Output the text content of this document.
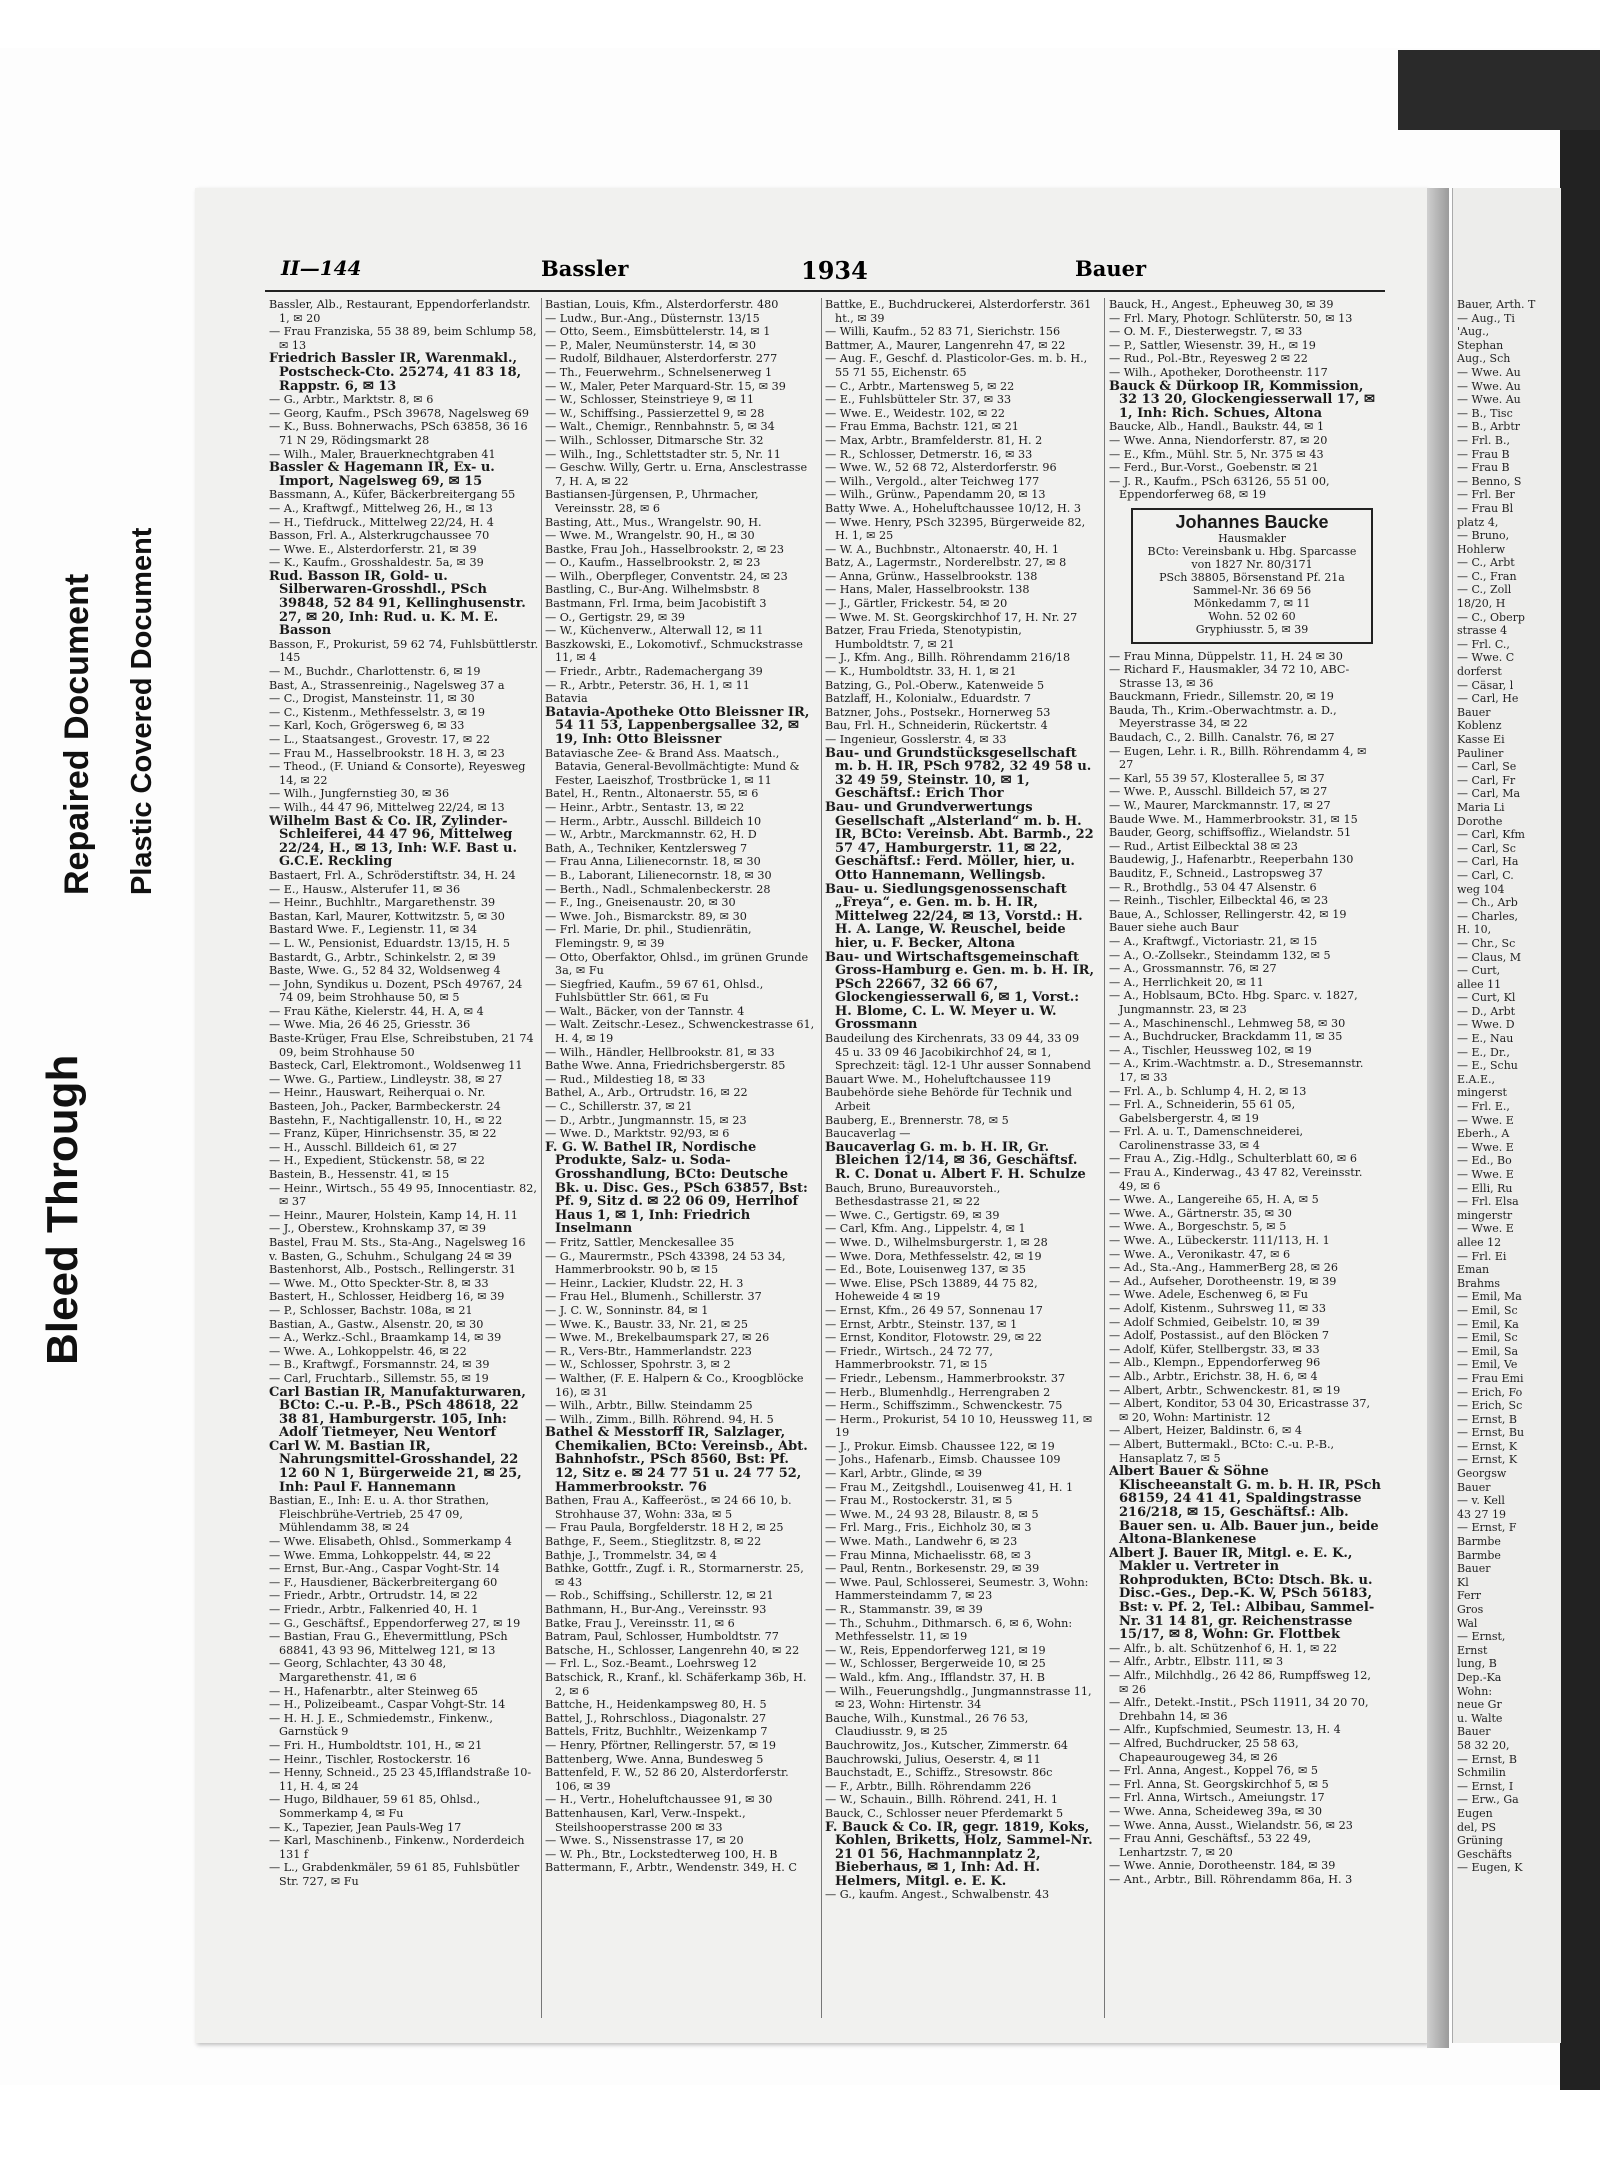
Bleed Through
Repaired Document Plastic Covered Document
II—144	Bassler	1934	Bauer

Bassler, Alb., Restaurant, Eppendorferlandstr. 1, ✉ 20

— Frau Franziska, 55 38 89, beim Schlump 58, ✉ 13

Friedrich Bassler IR, Warenmakl., Postscheck-Cto. 25274, 41 83 18, Rappstr. 6, ✉ 13

— G., Arbtr., Marktstr. 8, ✉ 6

— Georg, Kaufm., PSch 39678, Nagelsweg 69

— K., Buss. Bohnerwachs, PSch 63858, 36 16 71 N 29, Rödingsmarkt 28

— Wilh., Maler, Brauerknechtgraben 41

Bassler & Hagemann IR, Ex- u. Import, Nagelsweg 69, ✉ 15

Bassmann, A., Küfer, Bäckerbreitergang 55

— A., Kraftwgf., Mittelweg 26, H., ✉ 13

— H., Tiefdruck., Mittelweg 22/24, H. 4

Basson, Frl. A., Alsterkrugchaussee 70

— Wwe. E., Alsterdorferstr. 21, ✉ 39

— K., Kaufm., Grosshaldestr. 5a, ✉ 39

Rud. Basson IR, Gold- u. Silberwaren-Grosshdl., PSch 39848, 52 84 91, Kellinghusenstr. 27, ✉ 20, Inh: Rud. u. K. M. E. Basson

Basson, F., Prokurist, 59 62 74, Fuhlsbüttlerstr. 145

— M., Buchdr., Charlottenstr. 6, ✉ 19

Bast, A., Strassenreinig., Nagelsweg 37 a

— C., Drogist, Mansteinstr. 11, ✉ 30

— C., Kistenm., Methfesselstr. 3, ✉ 19

— Karl, Koch, Grögersweg 6, ✉ 33

— L., Staatsangest., Grovestr. 17, ✉ 22

— Frau M., Hasselbrookstr. 18 H. 3, ✉ 23

— Theod., (F. Uniand & Consorte), Reyesweg 14, ✉ 22

— Wilh., Jungfernstieg 30, ✉ 36

— Wilh., 44 47 96, Mittelweg 22/24, ✉ 13

Wilhelm Bast & Co. IR, Zylinder-Schleiferei, 44 47 96, Mittelweg 22/24, H., ✉ 13, Inh: W.F. Bast u. G.C.E. Reckling

Bastaert, Frl. A., Schröderstiftstr. 34, H. 24

— E., Hausw., Alsterufer 11, ✉ 36

— Heinr., Buchhltr., Margarethenstr. 39

Bastan, Karl, Maurer, Kottwitzstr. 5, ✉ 30

Bastard Wwe. F., Legienstr. 11, ✉ 34

— L. W., Pensionist, Eduardstr. 13/15, H. 5

Bastardt, G., Arbtr., Schinkelstr. 2, ✉ 39

Baste, Wwe. G., 52 84 32, Woldsenweg 4

— John, Syndikus u. Dozent, PSch 49767, 24 74 09, beim Strohhause 50, ✉ 5

— Frau Käthe, Kielerstr. 44, H. A, ✉ 4

— Wwe. Mia, 26 46 25, Griesstr. 36

Baste-Krüger, Frau Else, Schreibstuben, 21 74 09, beim Strohhause 50

Basteck, Carl, Elektromont., Woldsenweg 11

— Wwe. G., Partiew., Lindleystr. 38, ✉ 27

— Heinr., Hauswart, Reiherquai o. Nr.

Basteen, Joh., Packer, Barmbeckerstr. 24

Bastehn, F., Nachtigallenstr. 10, H., ✉ 22

— Franz, Küper, Hinrichsenstr. 35, ✉ 22

— H., Ausschl. Billdeich 61, ✉ 27

— H., Expedient, Stückenstr. 58, ✉ 22

Bastein, B., Hessenstr. 41, ✉ 15

— Heinr., Wirtsch., 55 49 95, Innocentiastr. 82, ✉ 37

— Heinr., Maurer, Holstein, Kamp 14, H. 11

— J., Oberstew., Krohnskamp 37, ✉ 39

Bastel, Frau M. Sts., Sta-Ang., Nagelsweg 16

v. Basten, G., Schuhm., Schulgang 24 ✉ 39

Bastenhorst, Alb., Postsch., Rellingerstr. 31

— Wwe. M., Otto Speckter-Str. 8, ✉ 33

Bastert, H., Schlosser, Heidberg 16, ✉ 39

— P., Schlosser, Bachstr. 108a, ✉ 21

Bastian, A., Gastw., Alsenstr. 20, ✉ 30

— A., Werkz.-Schl., Braamkamp 14, ✉ 39

— Wwe. A., Lohkoppelstr. 46, ✉ 22

— B., Kraftwgf., Forsmannstr. 24, ✉ 39

— Carl, Fruchtarb., Sillemstr. 55, ✉ 19

Carl Bastian IR, Manufakturwaren, BCto: C.-u. P.-B., PSch 48618, 22 38 81, Hamburgerstr. 105, Inh: Adolf Tietmeyer, Neu Wentorf

Carl W. M. Bastian IR, Nahrungsmittel-Grosshandel, 22 12 60 N 1, Bürgerweide 21, ✉ 25, Inh: Paul F. Hannemann

Bastian, E., Inh: E. u. A. thor Strathen, Fleischbrühe-Vertrieb, 25 47 09, Mühlendamm 38, ✉ 24

— Wwe. Elisabeth, Ohlsd., Sommerkamp 4

— Wwe. Emma, Lohkoppelstr. 44, ✉ 22

— Ernst, Bur.-Ang., Caspar Voght-Str. 14

— F., Hausdiener, Bäckerbreitergang 60

— Friedr., Arbtr., Ortrudstr. 14, ✉ 22

— Friedr., Arbtr., Falkenried 40, H. 1

— G., Geschäftsf., Eppendorferweg 27, ✉ 19

— Bastian, Frau G., Ehevermittlung, PSch 68841, 43 93 96, Mittelweg 121, ✉ 13

— Georg, Schlachter, 43 30 48, Margarethenstr. 41, ✉ 6

— H., Hafenarbtr., alter Steinweg 65

— H., Polizeibeamt., Caspar Vohgt-Str. 14

— H. H. J. E., Schmiedemstr., Finkenw., Garnstück 9

— Fri. H., Humboldtstr. 101, H., ✉ 21

— Heinr., Tischler, Rostockerstr. 16

— Henny, Schneid., 25 23 45,Ifflandstraße 10-11, H. 4, ✉ 24

— Hugo, Bildhauer, 59 61 85, Ohlsd., Sommerkamp 4, ✉ Fu

— K., Tapezier, Jean Pauls-Weg 17

— Karl, Maschinenb., Finkenw., Norderdeich 131 f

— L., Grabdenkmäler, 59 61 85, Fuhlsbütler Str. 727, ✉ Fu

Bastian, Louis, Kfm., Alsterdorferstr. 480

— Ludw., Bur.-Ang., Düsternstr. 13/15

— Otto, Seem., Eimsbüttelerstr. 14, ✉ 1

— P., Maler, Neumünsterstr. 14, ✉ 30

— Rudolf, Bildhauer, Alsterdorferstr. 277

— Th., Feuerwehrm., Schnelsenerweg 1

— W., Maler, Peter Marquard-Str. 15, ✉ 39

— W., Schlosser, Steinstrieye 9, ✉ 11

— W., Schiffsing., Passierzettel 9, ✉ 28

— Walt., Chemigr., Rennbahnstr. 5, ✉ 34

— Wilh., Schlosser, Ditmarsche Str. 32

— Wilh., Ing., Schlettstadter str. 5, Nr. 11

— Geschw. Willy, Gertr. u. Erna, Ansclestrasse 7, H. A, ✉ 22

Bastiansen-Jürgensen, P., Uhrmacher, Vereinsstr. 28, ✉ 6

Basting, Att., Mus., Wrangelstr. 90, H.

— Wwe. M., Wrangelstr. 90, H., ✉ 30

Bastke, Frau Joh., Hasselbrookstr. 2, ✉ 23

— O., Kaufm., Hasselbrookstr. 2, ✉ 23

— Wilh., Oberpfleger, Conventstr. 24, ✉ 23

Bastling, C., Bur-Ang. Wilhelmsbstr. 8

Bastmann, Frl. Irma, beim Jacobistift 3

— O., Gertigstr. 29, ✉ 39

— W., Küchenverw., Alterwall 12, ✉ 11

Baszkowski, E., Lokomotivf., Schmuckstrasse 11, ✉ 4

— Friedr., Arbtr., Rademachergang 39

— R., Arbtr., Peterstr. 36, H. 1, ✉ 11

Batavia

Batavia-Apotheke Otto Bleissner IR, 54 11 53, Lappenbergsallee 32, ✉ 19, Inh: Otto Bleissner

Bataviasche Zee- & Brand Ass. Maatsch., Batavia, General-Bevollmächtigte: Mund & Fester, Laeiszhof, Trostbrücke 1, ✉ 11

Batel, H., Rentn., Altonaerstr. 55, ✉ 6

— Heinr., Arbtr., Sentastr. 13, ✉ 22

— Herm., Arbtr., Ausschl. Billdeich 10

— W., Arbtr., Marckmannstr. 62, H. D

Bath, A., Techniker, Kentzlersweg 7

— Frau Anna, Lilienecornstr. 18, ✉ 30

— B., Laborant, Lilienecornstr. 18, ✉ 30

— Berth., Nadl., Schmalenbeckerstr. 28

— F., Ing., Gneisenaustr. 20, ✉ 30

— Wwe. Joh., Bismarckstr. 89, ✉ 30

— Frl. Marie, Dr. phil., Studienrätin, Flemingstr. 9, ✉ 39

— Otto, Oberfaktor, Ohlsd., im grünen Grunde 3a, ✉ Fu

— Siegfried, Kaufm., 59 67 61, Ohlsd., Fuhlsbüttler Str. 661, ✉ Fu

— Walt., Bäcker, von der Tannstr. 4

— Walt. Zeitschr.-Lesez., Schwenckestrasse 61, H. 4, ✉ 19

— Wilh., Händler, Hellbrookstr. 81, ✉ 33

Bathe Wwe. Anna, Friedrichsbergerstr. 85

— Rud., Mildestieg 18, ✉ 33

Bathel, A., Arb., Ortrudstr. 16, ✉ 22

— C., Schillerstr. 37, ✉ 21

— D., Arbtr., Jungmannstr. 15, ✉ 23

— Wwe. D., Marktstr. 92/93, ✉ 6

F. G. W. Bathel IR, Nordische Produkte, Salz- u. Soda-Grosshandlung, BCto: Deutsche Bk. u. Disc. Ges., PSch 63857, Bst: Pf. 9, Sitz d. ✉ 22 06 09, Herrlhof Haus 1, ✉ 1, Inh: Friedrich Inselmann

— Fritz, Sattler, Menckesallee 35

— G., Maurermstr., PSch 43398, 24 53 34, Hammerbrookstr. 90 b, ✉ 15

— Heinr., Lackier, Kludstr. 22, H. 3

— Frau Hel., Blumenh., Schillerstr. 37

— J. C. W., Sonninstr. 84, ✉ 1

— Wwe. K., Baustr. 33, Nr. 21, ✉ 25

— Wwe. M., Brekelbaumspark 27, ✉ 26

— R., Vers-Btr., Hammerlandstr. 223

— W., Schlosser, Spohrstr. 3, ✉ 2

— Walther, (F. E. Halpern & Co., Kroogblöcke 16), ✉ 31

— Wilh., Arbtr., Billw. Steindamm 25

— Wilh., Zimm., Billh. Röhrend. 94, H. 5

Bathel & Messtorff IR, Salzlager, Chemikalien, BCto: Vereinsb., Abt. Bahnhofstr., PSch 8560, Bst: Pf. 12, Sitz e. ✉ 24 77 51 u. 24 77 52, Hammerbrookstr. 76

Bathen, Frau A., Kaffeeröst., ✉ 24 66 10, b. Strohhause 37, Wohn: 33a, ✉ 5

— Frau Paula, Borgfelderstr. 18 H 2, ✉ 25

Bathge, F., Seem., Stieglitzstr. 8, ✉ 22

Bathje, J., Trommelstr. 34, ✉ 4

Bathke, Gottfr., Zugf. i. R., Stormarnerstr. 25, ✉ 43

— Rob., Schiffsing., Schillerstr. 12, ✉ 21

Bathmann, H., Bur-Ang., Vereinsstr. 93

Batke, Frau J., Vereinsstr. 11, ✉ 6

Batram, Paul, Schlosser, Humboldtstr. 77

Batsche, H., Schlosser, Langenrehn 40, ✉ 22

— Frl. L., Soz.-Beamt., Loehrsweg 12

Batschick, R., Kranf., kl. Schäferkamp 36b, H. 2, ✉ 6

Battche, H., Heidenkampsweg 80, H. 5

Battel, J., Rohrschloss., Diagonalstr. 27

Battels, Fritz, Buchhltr., Weizenkamp 7

— Henry, Pförtner, Rellingerstr. 57, ✉ 19

Battenberg, Wwe. Anna, Bundesweg 5

Battenfeld, F. W., 52 86 20, Alsterdorferstr. 106, ✉ 39

— H., Vertr., Hoheluftchaussee 91, ✉ 30

Battenhausen, Karl, Verw.-Inspekt., Steilshooperstrasse 200 ✉ 33

— Wwe. S., Nissenstrasse 17, ✉ 20

— W. Ph., Btr., Lockstedterweg 100, H. B

Battermann, F., Arbtr., Wendenstr. 349, H. C

Battke, E., Buchdruckerei, Alsterdorferstr. 361 ht., ✉ 39

— Willi, Kaufm., 52 83 71, Sierichstr. 156

Battmer, A., Maurer, Langenrehn 47, ✉ 22

— Aug. F., Geschf. d. Plasticolor-Ges. m. b. H., 55 71 55, Eichenstr. 65

— C., Arbtr., Martensweg 5, ✉ 22

— E., Fuhlsbütteler Str. 37, ✉ 33

— Wwe. E., Weidestr. 102, ✉ 22

— Frau Emma, Bachstr. 121, ✉ 21

— Max, Arbtr., Bramfelderstr. 81, H. 2

— R., Schlosser, Detmerstr. 16, ✉ 33

— Wwe. W., 52 68 72, Alsterdorferstr. 96

— Wilh., Vergold., alter Teichweg 177

— Wilh., Grünw., Papendamm 20, ✉ 13

Batty Wwe. A., Hoheluftchaussee 10/12, H. 3

— Wwe. Henry, PSch 32395, Bürgerweide 82, H. 1, ✉ 25

— W. A., Buchbnstr., Altonaerstr. 40, H. 1

Batz, A., Lagermstr., Norderelbstr. 27, ✉ 8

— Anna, Grünw., Hasselbrookstr. 138

— Hans, Maler, Hasselbrookstr. 138

— J., Gärtler, Frickestr. 54, ✉ 20

— Wwe. M. St. Georgskirchhof 17, H. Nr. 27

Batzer, Frau Frieda, Stenotypistin, Humboldtstr. 7, ✉ 21

— J., Kfm. Ang., Billh. Röhrendamm 216/18

— K., Humboldtstr. 33, H. 1, ✉ 21

Batzing, G., Pol.-Oberw., Katenweide 5

Batzlaff, H., Kolonialw., Eduardstr. 7

Batzner, Johs., Postsekr., Hornerweg 53

Bau, Frl. H., Schneiderin, Rückertstr. 4

— Ingenieur, Gosslerstr. 4, ✉ 33

Bau- und Grundstücksgesellschaft m. b. H. IR, PSch 9782, 32 49 58 u. 32 49 59, Steinstr. 10, ✉ 1, Geschäftsf.: Erich Thor

Bau- und Grundverwertungs Gesellschaft „Alsterland“ m. b. H. IR, BCto: Vereinsb. Abt. Barmb., 22 57 47, Hamburgerstr. 11, ✉ 22, Geschäftsf.: Ferd. Möller, hier, u. Otto Hannemann, Wellingsb.

Bau- u. Siedlungsgenossenschaft „Freya“, e. Gen. m. b. H. IR, Mittelweg 22/24, ✉ 13, Vorstd.: H. H. A. Lange, W. Reuschel, beide hier, u. F. Becker, Altona

Bau- und Wirtschaftsgemeinschaft Gross-Hamburg e. Gen. m. b. H. IR, PSch 22667, 32 66 67, Glockengiesserwall 6, ✉ 1, Vorst.: H. Blome, C. L. W. Meyer u. W. Grossmann

Baudeilung des Kirchenrats, 33 09 44, 33 09 45 u. 33 09 46 Jacobikirchhof 24, ✉ 1, Sprechzeit: tägl. 12-1 Uhr ausser Sonnabend

Bauart Wwe. M., Hoheluftchaussee 119

Baubehörde siehe Behörde für Technik und Arbeit

Bauberg, E., Brennerstr. 78, ✉ 5

Baucaverlag —

Baucaverlag G. m. b. H. IR, Gr. Bleichen 12/14, ✉ 36, Geschäftsf. R. C. Donat u. Albert F. H. Schulze

Bauch, Bruno, Bureauvorsteh., Bethesdastrasse 21, ✉ 22

— Wwe. C., Gertigstr. 69, ✉ 39

— Carl, Kfm. Ang., Lippelstr. 4, ✉ 1

— Wwe. D., Wilhelmsburgerstr. 1, ✉ 28

— Wwe. Dora, Methfesselstr. 42, ✉ 19

— Ed., Bote, Louisenweg 137, ✉ 35

— Wwe. Elise, PSch 13889, 44 75 82, Hoheweide 4 ✉ 19

— Ernst, Kfm., 26 49 57, Sonnenau 17

— Ernst, Arbtr., Steinstr. 137, ✉ 1

— Ernst, Konditor, Flotowstr. 29, ✉ 22

— Friedr., Wirtsch., 24 72 77, Hammerbrookstr. 71, ✉ 15

— Friedr., Lebensm., Hammerbrookstr. 37

— Herb., Blumenhdlg., Herrengraben 2

— Herm., Schiffszimm., Schwenckestr. 75

— Herm., Prokurist, 54 10 10, Heussweg 11, ✉ 19

— J., Prokur. Eimsb. Chaussee 122, ✉ 19

— Johs., Hafenarb., Eimsb. Chaussee 109

— Karl, Arbtr., Glinde, ✉ 39

— Frau M., Zeitgshdl., Louisenweg 41, H. 1

— Frau M., Rostockerstr. 31, ✉ 5

— Wwe. M., 24 93 28, Bilaustr. 8, ✉ 5

— Frl. Marg., Fris., Eichholz 30, ✉ 3

— Wwe. Math., Landwehr 6, ✉ 23

— Frau Minna, Michaelisstr. 68, ✉ 3

— Paul, Rentn., Borkesenstr. 29, ✉ 39

— Wwe. Paul, Schlosserei, Seumestr. 3, Wohn: Hammersteindamm 7, ✉ 23

— R., Stammanstr. 39, ✉ 39

— Th., Schuhm., Dithmarsch. 6, ✉ 6, Wohn: Methfesselstr. 11, ✉ 19

— W., Reis, Eppendorferweg 121, ✉ 19

— W., Schlosser, Bergerweide 10, ✉ 25

— Wald., kfm. Ang., Ifflandstr. 37, H. B

— Wilh., Feuerungshdlg., Jungmannstrasse 11, ✉ 23, Wohn: Hirtenstr. 34

Bauche, Wilh., Kunstmal., 26 76 53, Claudiusstr. 9, ✉ 25

Bauchrowitz, Jos., Kutscher, Zimmerstr. 64

Bauchrowski, Julius, Oeserstr. 4, ✉ 11

Bauchstadt, E., Schiffz., Stresowstr. 86c

— F., Arbtr., Billh. Röhrendamm 226

— W., Schauin., Billh. Röhrend. 241, H. 1

Bauck, C., Schlosser neuer Pferdemarkt 5

F. Bauck & Co. IR, gegr. 1819, Koks, Kohlen, Briketts, Holz, Sammel-Nr. 21 01 56, Hachmannplatz 2, Bieberhaus, ✉ 1, Inh: Ad. H. Helmers, Mitgl. e. E. K.

— G., kaufm. Angest., Schwalbenstr. 43

Bauck, H., Angest., Epheuweg 30, ✉ 39

— Frl. Mary, Photogr. Schlüterstr. 50, ✉ 13

— O. M. F., Diesterwegstr. 7, ✉ 33

— P., Sattler, Wiesenstr. 39, H., ✉ 19

— Rud., Pol.-Btr., Reyesweg 2 ✉ 22

— Wilh., Apotheker, Dorotheenstr. 117

Bauck & Dürkoop IR, Kommission, 32 13 20, Glockengiesserwall 17, ✉ 1, Inh: Rich. Schues, Altona

Baucke, Alb., Handl., Baukstr. 44, ✉ 1

— Wwe. Anna, Niendorferstr. 87, ✉ 20

— E., Kfm., Mühl. Str. 5, Nr. 375 ✉ 43

— Ferd., Bur.-Vorst., Goebenstr. ✉ 21

— J. R., Kaufm., PSch 63126, 55 51 00, Eppendorferweg 68, ✉ 19

Johannes Baucke
Hausmakler
BCto: Vereinsbank u. Hbg. Sparcasse von 1827 Nr. 80/3171
PSch 38805, Börsenstand Pf. 21a
Sammel-Nr. 36 69 56
Mönkedamm 7, ✉ 11
Wohn. 52 02 60
Gryphiusstr. 5, ✉ 39

— Frau Minna, Düppelstr. 11, H. 24 ✉ 30

— Richard F., Hausmakler, 34 72 10, ABC-Strasse 13, ✉ 36

Bauckmann, Friedr., Sillemstr. 20, ✉ 19

Bauda, Th., Krim.-Oberwachtmstr. a. D., Meyerstrasse 34, ✉ 22

Baudach, C., 2. Billh. Canalstr. 76, ✉ 27

— Eugen, Lehr. i. R., Billh. Röhrendamm 4, ✉ 27

— Karl, 55 39 57, Klosterallee 5, ✉ 37

— Wwe. P., Ausschl. Billdeich 57, ✉ 27

— W., Maurer, Marckmannstr. 17, ✉ 27

Baude Wwe. M., Hammerbrookstr. 31, ✉ 15

Bauder, Georg, schiffsoffiz., Wielandstr. 51

— Rud., Artist Eilbecktal 38 ✉ 23

Baudewig, J., Hafenarbtr., Reeperbahn 130

Bauditz, F., Schneid., Lastropsweg 37

— R., Brothdlg., 53 04 47 Alsenstr. 6

— Reinh., Tischler, Eilbecktal 46, ✉ 23

Baue, A., Schlosser, Rellingerstr. 42, ✉ 19

Bauer siehe auch Baur

— A., Kraftwgf., Victoriastr. 21, ✉ 15

— A., O.-Zollsekr., Steindamm 132, ✉ 5

— A., Grossmannstr. 76, ✉ 27

— A., Herrlichkeit 20, ✉ 11

— A., Hoblsaum, BCto. Hbg. Sparc. v. 1827, Jungmannstr. 23, ✉ 23

— A., Maschinenschl., Lehmweg 58, ✉ 30

— A., Buchdrucker, Brackdamm 11, ✉ 35

— A., Tischler, Heussweg 102, ✉ 19

— A., Krim.-Wachtmstr. a. D., Stresemannstr. 17, ✉ 33

— Frl. A., b. Schlump 4, H. 2, ✉ 13

— Frl. A., Schneiderin, 55 61 05, Gabelsbergerstr. 4, ✉ 19

— Frl. A. u. T., Damenschneiderei, Carolinenstrasse 33, ✉ 4

— Frau A., Zig.-Hdlg., Schulterblatt 60, ✉ 6

— Frau A., Kinderwag., 43 47 82, Vereinsstr. 49, ✉ 6

— Wwe. A., Langereihe 65, H. A, ✉ 5

— Wwe. A., Gärtnerstr. 35, ✉ 30

— Wwe. A., Borgeschstr. 5, ✉ 5

— Wwe. A., Lübeckerstr. 111/113, H. 1

— Wwe. A., Veronikastr. 47, ✉ 6

— Ad., Sta.-Ang., HammerBerg 28, ✉ 26

— Ad., Aufseher, Dorotheenstr. 19, ✉ 39

— Wwe. Adele, Eschenweg 6, ✉ Fu

— Adolf, Kistenm., Suhrsweg 11, ✉ 33

— Adolf Schmied, Geibelstr. 10, ✉ 39

— Adolf, Postassist., auf den Blöcken 7

— Adolf, Küfer, Stellbergstr. 33, ✉ 33

— Alb., Klempn., Eppendorferweg 96

— Alb., Arbtr., Erichstr. 38, H. 6, ✉ 4

— Albert, Arbtr., Schwenckestr. 81, ✉ 19

— Albert, Konditor, 53 04 30, Ericastrasse 37, ✉ 20, Wohn: Martinistr. 12

— Albert, Heizer, Baldinstr. 6, ✉ 4

— Albert, Buttermakl., BCto: C.-u. P.-B., Hansaplatz 7, ✉ 5

Albert Bauer & Söhne Klischeeanstalt G. m. b. H. IR, PSch 68159, 24 41 41, Spaldingstrasse 216/218, ✉ 15, Geschäftsf.: Alb. Bauer sen. u. Alb. Bauer jun., beide Altona-Blankenese

Albert J. Bauer IR, Mitgl. e. E. K., Makler u. Vertreter in Rohprodukten, BCto: Dtsch. Bk. u. Disc.-Ges., Dep.-K. W, PSch 56183, Bst: v. Pf. 2, Tel.: Albibau, Sammel-Nr. 31 14 81, gr. Reichenstrasse 15/17, ✉ 8, Wohn: Gr. Flottbek

— Alfr., b. alt. Schützenhof 6, H. 1, ✉ 22

— Alfr., Arbtr., Elbstr. 111, ✉ 3

— Alfr., Milchhdlg., 26 42 86, Rumpffsweg 12, ✉ 26

— Alfr., Detekt.-Instit., PSch 11911, 34 20 70, Drehbahn 14, ✉ 36

— Alfr., Kupfschmied, Seumestr. 13, H. 4

— Alfred, Buchdrucker, 25 58 63, Chapeaurougeweg 34, ✉ 26

— Frl. Anna, Angest., Koppel 76, ✉ 5

— Frl. Anna, St. Georgskirchhof 5, ✉ 5

— Frl. Anna, Wirtsch., Ameiungstr. 17

— Wwe. Anna, Scheideweg 39a, ✉ 30

— Wwe. Anna, Ausst., Wielandstr. 56, ✉ 23

— Frau Anni, Geschäftsf., 53 22 49, Lenhartzstr. 7, ✉ 20

— Wwe. Annie, Dorotheenstr. 184, ✉ 39

— Ant., Arbtr., Bill. Röhrendamm 86a, H. 3

Bauer, Arth. T
— Aug., Ti
'Aug.,
Stephan
Aug., Sch
— Wwe. Au
— Wwe. Au
— Wwe. Au
— B., Tisc
— B., Arbtr
— Frl. B.,
— Frau B
— Frau B
— Benno, S
— Frl. Ber
— Frau Bl
platz 4,
— Bruno,
Hohlerw
— C., Arbt
— C., Fran
— C., Zoll
18/20, H
— C., Oberp
strasse 4
— Frl. C.,
— Wwe. C
dorferst
— Cäsar, l
— Carl, He
Bauer
Koblenz
Kasse Ei
Pauliner
— Carl, Se
— Carl, Fr
— Carl, Ma
Maria Li
Dorothe
— Carl, Kfm
— Carl, Sc
— Carl, Ha
— Carl, C.
weg 104
— Ch., Arb
— Charles,
H. 10,
— Chr., Sc
— Claus, M
— Curt,
allee 11
— Curt, Kl
— D., Arbt
— Wwe. D
— E., Nau
— E., Dr.,
— E., Schu
E.A.E.,
mingerst
— Frl. E.,
— Wwe. E
Eberh., A
— Wwe. E
— Ed., Bo
— Wwe. E
— Elli, Ru
— Frl. Elsa
mingerstr
— Wwe. E
allee 12
— Frl. Ei
Eman
Brahms
— Emil, Ma
— Emil, Sc
— Emil, Ka
— Emil, Sc
— Emil, Sa
— Emil, Ve
— Frau Emi
— Erich, Fo
— Erich, Sc
— Ernst, B
— Ernst, Bu
— Ernst, K
— Ernst, K
Georgsw
Bauer
— v. Kell
43 27 19
— Ernst, F
Barmbe
Barmbe
Bauer
Kl
Ferr
Gros
Wal
— Ernst,
Ernst
lung, B
Dep.-Ka
Wohn:
neue Gr
u. Walte
Bauer
58 32 20,
— Ernst, B
Schmilin
— Ernst, I
— Erw., Ga
Eugen
del, PS
Grüning
Geschäfts
— Eugen, K
